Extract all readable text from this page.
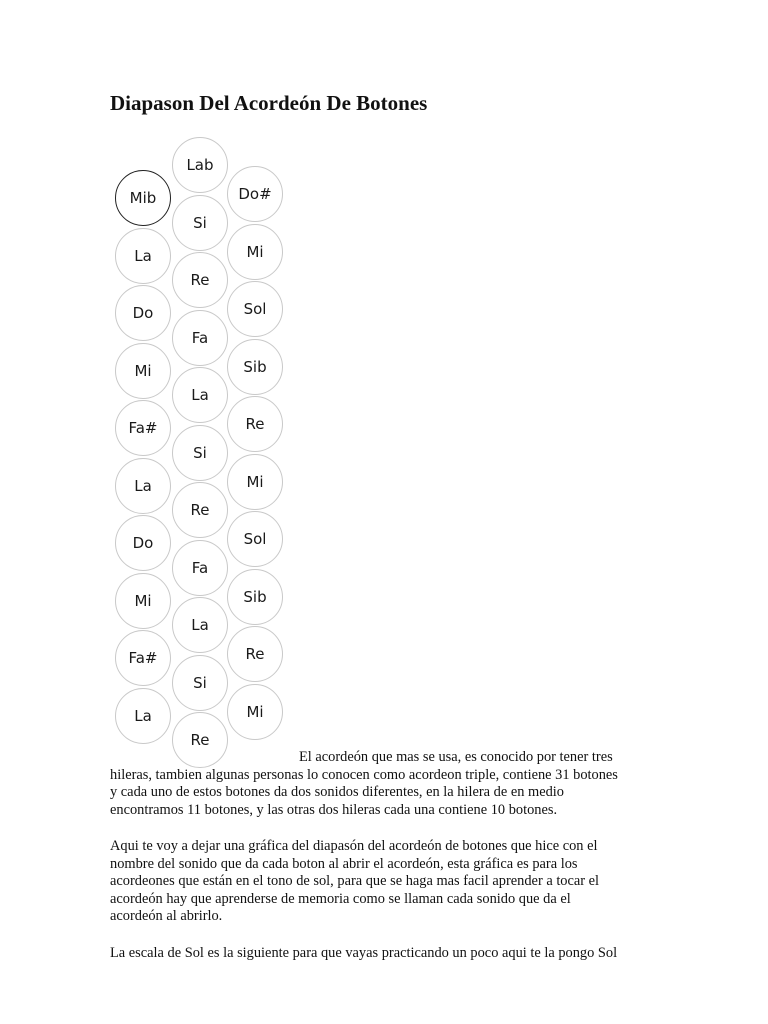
Diapason Del Acordeón De Botones
Lab
Si
Re
Fa
La
Si
Re
Fa
La
Si
Re
Mib
La
Do
Mi
Fa#
La
Do
Mi
Fa#
La
Do#
Mi
Sol
Sib
Re
Mi
Sol
Sib
Re
Mi

El acordeón que mas se usa, es conocido por tener tres
hileras, tambien algunas personas lo conocen como acordeon triple, contiene 31 botones
y cada uno de estos botones da dos sonidos diferentes, en la hilera de en medio
encontramos 11 botones, y las otras dos hileras cada una contiene 10 botones.

Aqui te voy a dejar una gráfica del diapasón del acordeón de botones que hice con el
nombre del sonido que da cada boton al abrir el acordeón, esta gráfica es para los
acordeones que están en el tono de sol, para que se haga mas facil aprender a tocar el
acordeón hay que aprenderse de memoria como se llaman cada sonido que da el
acordeón al abrirlo.

La escala de Sol es la siguiente para que vayas practicando un poco aqui te la pongo Sol
